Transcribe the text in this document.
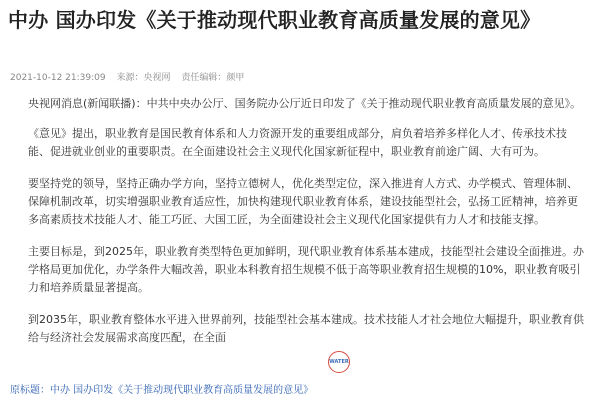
中办 国办印发《关于推动现代职业教育高质量发展的意见》
2021-10-12 21:39:09 来源：央视网 责任编辑：颜甲

央视网消息(新闻联播)：中共中央办公厅、国务院办公厅近日印发了《关于推动现代职业教育高质量发展的意见》。

《意见》提出，职业教育是国民教育体系和人力资源开发的重要组成部分，肩负着培养多样化人才、传承技术技能、促进就业创业的重要职责。在全面建设社会主义现代化国家新征程中，职业教育前途广阔、大有可为。

要坚持党的领导，坚持正确办学方向，坚持立德树人，优化类型定位，深入推进育人方式、办学模式、管理体制、保障机制改革，切实增强职业教育适应性，加快构建现代职业教育体系，建设技能型社会，弘扬工匠精神，培养更多高素质技术技能人才、能工巧匠、大国工匠，为全面建设社会主义现代化国家提供有力人才和技能支撑。

主要目标是，到2025年，职业教育类型特色更加鲜明，现代职业教育体系基本建成，技能型社会建设全面推进。办学格局更加优化，办学条件大幅改善，职业本科教育招生规模不低于高等职业教育招生规模的10%，职业教育吸引力和培养质量显著提高。

到2035年，职业教育整体水平进入世界前列，技能型社会基本建成。技术技能人才社会地位大幅提升，职业教育供给与经济社会发展需求高度匹配，在全面

WATER
原标题：中办 国办印发《关于推动现代职业教育高质量发展的意见》
